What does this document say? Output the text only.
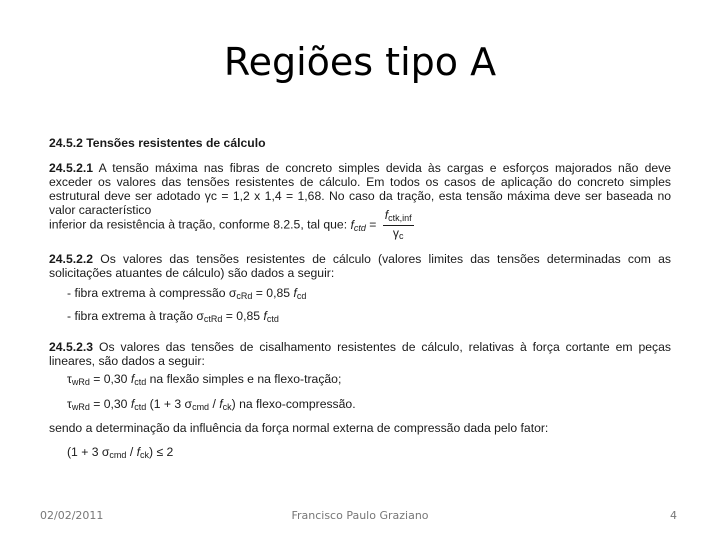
Regiões tipo A

24.5.2 Tensões resistentes de cálculo

24.5.2.1 A tensão máxima nas fibras de concreto simples devida às cargas e esforços majorados não deve exceder os valores das tensões resistentes de cálculo. Em todos os casos de aplicação do concreto simples estrutural deve ser adotado γc = 1,2 x 1,4 = 1,68. No caso da tração, esta tensão máxima deve ser baseada no valor característico

inferior da resistência à tração, conforme 8.2.5, tal que: $f_{ctd} = \frac{f_{ctk,inf}}{\gamma_c}$

24.5.2.2 Os valores das tensões resistentes de cálculo (valores limites das tensões determinadas com as solicitações atuantes de cálculo) são dados a seguir:

- fibra extrema à compressão $\sigma_{cRd} = 0,85$ $f_{cd}$

- fibra extrema à tração $\sigma_{ctRd} = 0,85$ $f_{ctd}$

24.5.2.3 Os valores das tensões de cisalhamento resistentes de cálculo, relativas à força cortante em peças lineares, são dados a seguir:

$\tau_{wRd} = 0,30$ $f_{ctd}$ na flexão simples e na flexo-tração;

$\tau_{wRd} = 0,30$ $f_{ctd}$ (1 + 3 $\sigma_{cmd} / f_{ck}$) na flexo-compressão.

sendo a determinação da influência da força normal externa de compressão dada pelo fator:

(1 + 3 $\sigma_{cmd} / f_{ck}) \le 2$

02/02/2011	Francisco Paulo Graziano	4
